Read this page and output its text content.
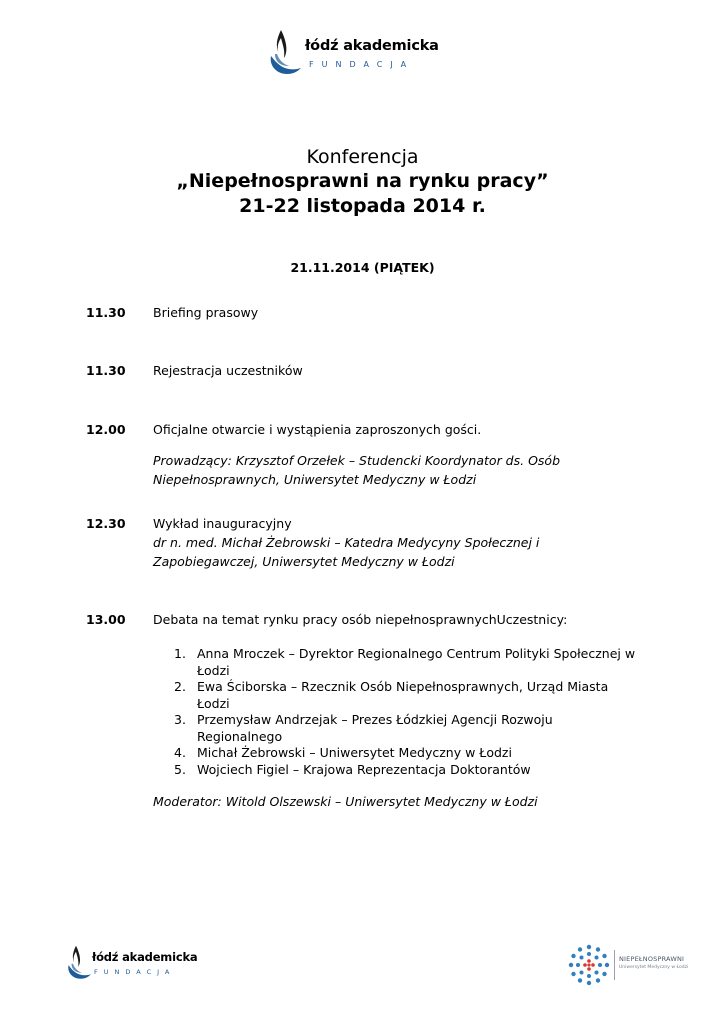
łódź akademicka
FUNDACJA
Konferencja
„Niepełnosprawni na rynku pracy”
21-22 listopada 2014 r.
21.11.2014 (PIĄTEK)
11.30 Briefing prasowy
11.30 Rejestracja uczestników
12.00 Oficjalne otwarcie i wystąpienia zaproszonych gości.
Prowadzący: Krzysztof Orzełek – Studencki Koordynator ds. Osób
Niepełnosprawnych, Uniwersytet Medyczny w Łodzi
12.30 Wykład inauguracyjny
dr n. med. Michał Żebrowski – Katedra Medycyny Społecznej i
Zapobiegawczej, Uniwersytet Medyczny w Łodzi
13.00 Debata na temat rynku pracy osób niepełnosprawnychUczestnicy:
1. Anna Mroczek – Dyrektor Regionalnego Centrum Polityki Społecznej w
Łodzi
2. Ewa Ściborska – Rzecznik Osób Niepełnosprawnych, Urząd Miasta
Łodzi
3. Przemysław Andrzejak – Prezes Łódzkiej Agencji Rozwoju
Regionalnego
4. Michał Żebrowski – Uniwersytet Medyczny w Łodzi
5. Wojciech Figiel – Krajowa Reprezentacja Doktorantów
Moderator: Witold Olszewski – Uniwersytet Medyczny w Łodzi
łódź akademicka
FUNDACJA
NIEPEŁNOSPRAWNI
Uniwersytet Medyczny w Łodzi
